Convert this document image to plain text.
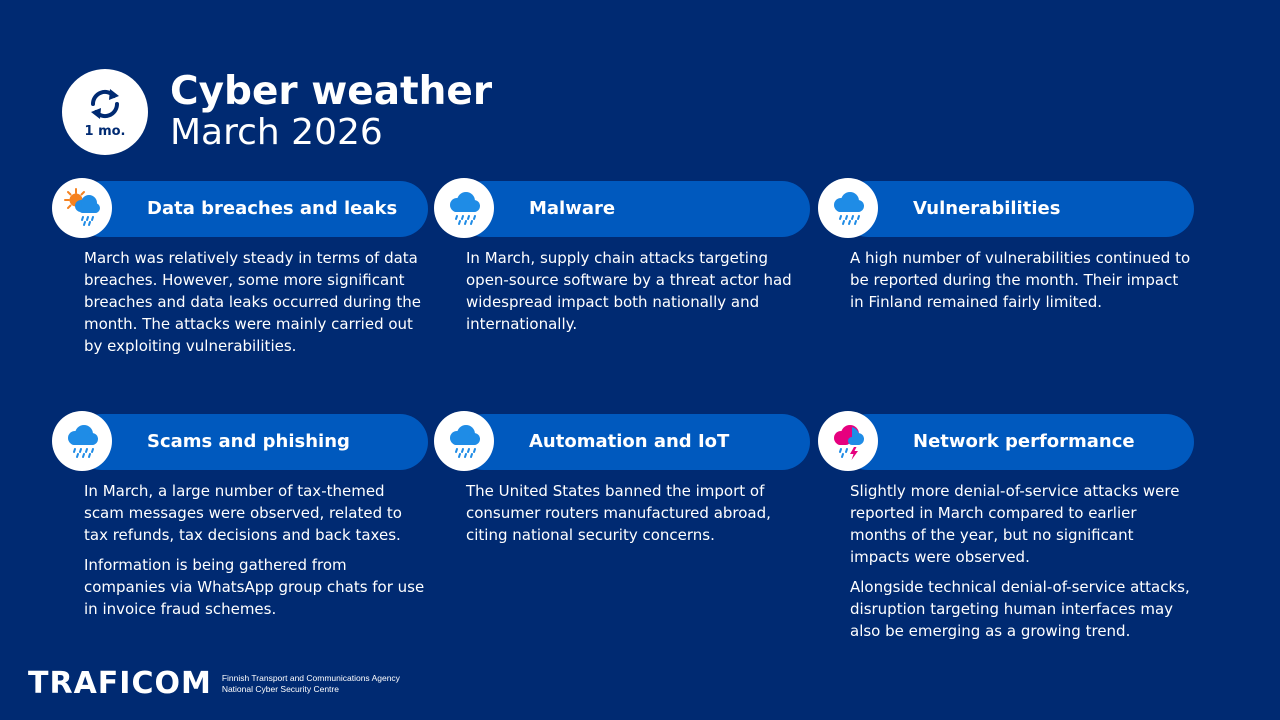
1 mo.
Cyber weather
March 2026
Data breaches and leaks

March was relatively steady in terms of data breaches. However, some more significant breaches and data leaks occurred during the month. The attacks were mainly carried out by exploiting vulnerabilities.

Malware

In March, supply chain attacks targeting open-source software by a threat actor had widespread impact both nationally and internationally.

Vulnerabilities

A high number of vulnerabilities continued to be reported during the month. Their impact in Finland remained fairly limited.

Scams and phishing

In March, a large number of tax-themed scam messages were observed, related to tax refunds, tax decisions and back taxes.

Information is being gathered from companies via WhatsApp group chats for use in invoice fraud schemes.

Automation and IoT

The United States banned the import of consumer routers manufactured abroad, citing national security concerns.

Network performance

Slightly more denial-of-service attacks were reported in March compared to earlier months of the year, but no significant impacts were observed.

Alongside technical denial-of-service attacks, disruption targeting human interfaces may also be emerging as a growing trend.

TRAFICOM Finnish Transport and Communications Agency
National Cyber Security Centre
